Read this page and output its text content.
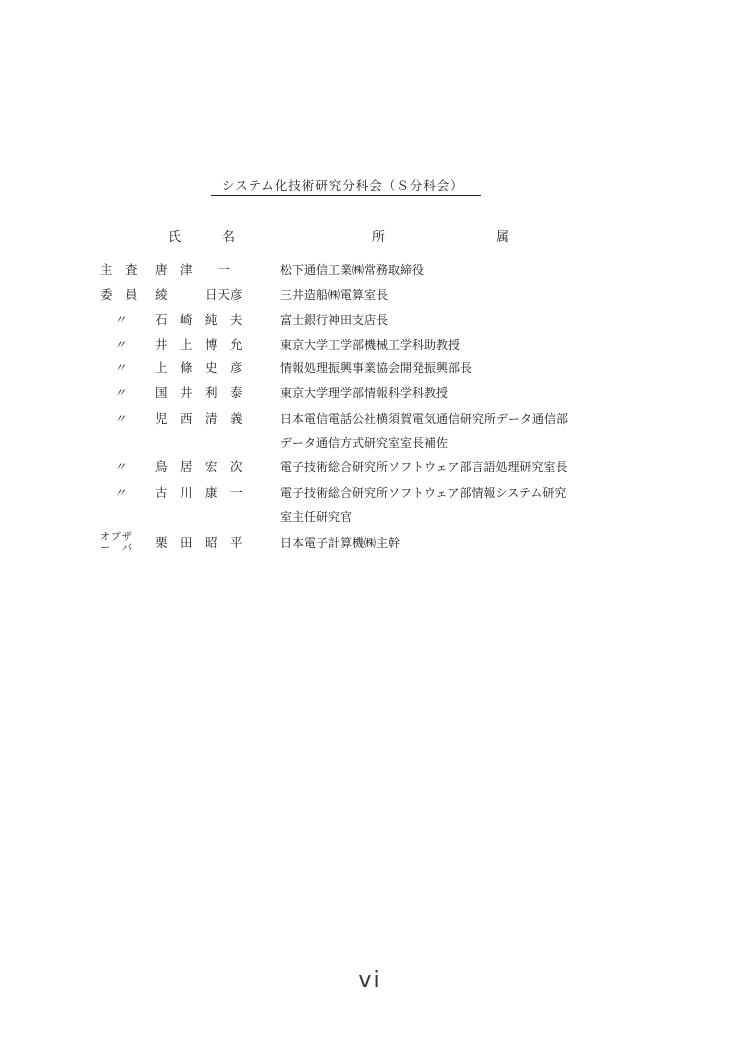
システム化技術研究分科会（Ｓ分科会）
氏	名	所	属
主　査	唐　津　　一	松下通信工業㈱常務取締役
委　員	綾　　　日天彦	三井造船㈱電算室長
〃	石　崎　純　夫	富士銀行神田支店長
〃	井　上　博　允	東京大学工学部機械工学科助教授
〃	上　條　史　彦	情報処理振興事業協会開発振興部長
〃	国　井　利　泰	東京大学理学部情報科学科教授
〃	児　西　清　義	日本電信電話公社横須賀電気通信研究所データ通信部
データ通信方式研究室室長補佐
〃	鳥　居　宏　次	電子技術総合研究所ソフトウェア部言語処理研究室長
〃	古　川　康　一	電子技術総合研究所ソフトウェア部情報システム研究
室主任研究官
オブザ
ー　バ	栗　田　昭　平	日本電子計算機㈱主幹
vi
